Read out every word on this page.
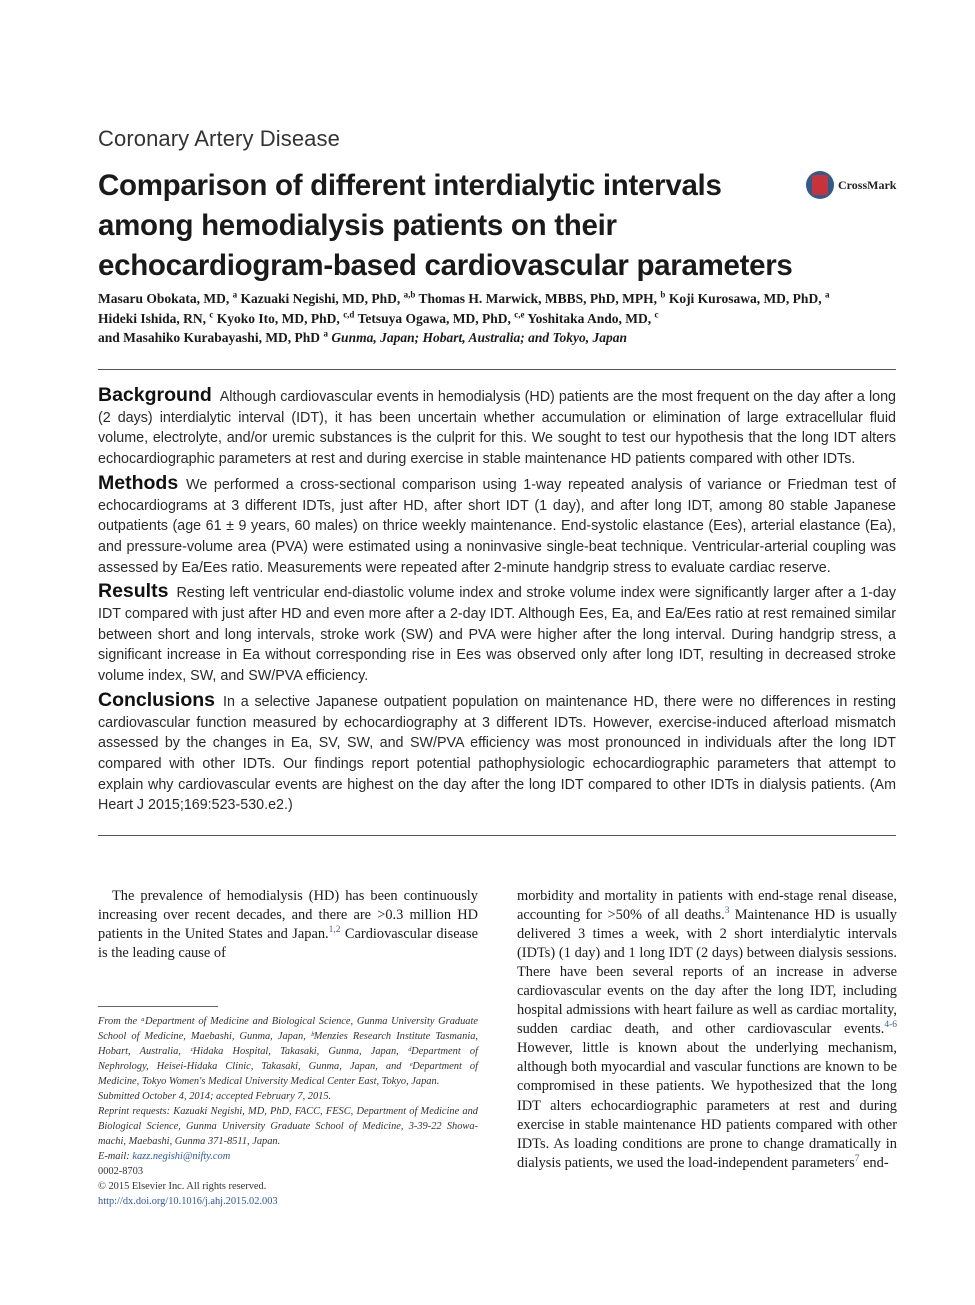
Coronary Artery Disease
Comparison of different interdialytic intervals among hemodialysis patients on their echocardiogram-based cardiovascular parameters
CrossMark
Masaru Obokata, MD, $^a$ Kazuaki Negishi, MD, PhD, $^{a,b}$ Thomas H. Marwick, MBBS, PhD, MPH, $^b$ Koji Kurosawa, MD, PhD, $^a$
Hideki Ishida, RN, $^c$ Kyoko Ito, MD, PhD, $^{c,d}$ Tetsuya Ogawa, MD, PhD, $^{c,e}$ Yoshitaka Ando, MD, $^c$
and Masahiko Kurabayashi, MD, PhD $^a$ Gunma, Japan; Hobart, Australia; and Tokyo, Japan

Background Although cardiovascular events in hemodialysis (HD) patients are the most frequent on the day after a long (2 days) interdialytic interval (IDT), it has been uncertain whether accumulation or elimination of large extracellular fluid volume, electrolyte, and/or uremic substances is the culprit for this. We sought to test our hypothesis that the long IDT alters echocardiographic parameters at rest and during exercise in stable maintenance HD patients compared with other IDTs.

Methods We performed a cross-sectional comparison using 1-way repeated analysis of variance or Friedman test of echocardiograms at 3 different IDTs, just after HD, after short IDT (1 day), and after long IDT, among 80 stable Japanese outpatients (age 61 ± 9 years, 60 males) on thrice weekly maintenance. End-systolic elastance (Ees), arterial elastance (Ea), and pressure-volume area (PVA) were estimated using a noninvasive single-beat technique. Ventricular-arterial coupling was assessed by Ea/Ees ratio. Measurements were repeated after 2-minute handgrip stress to evaluate cardiac reserve.

Results Resting left ventricular end-diastolic volume index and stroke volume index were significantly larger after a 1-day IDT compared with just after HD and even more after a 2-day IDT. Although Ees, Ea, and Ea/Ees ratio at rest remained similar between short and long intervals, stroke work (SW) and PVA were higher after the long interval. During handgrip stress, a significant increase in Ea without corresponding rise in Ees was observed only after long IDT, resulting in decreased stroke volume index, SW, and SW/PVA efficiency.

Conclusions In a selective Japanese outpatient population on maintenance HD, there were no differences in resting cardiovascular function measured by echocardiography at 3 different IDTs. However, exercise-induced afterload mismatch assessed by the changes in Ea, SV, SW, and SW/PVA efficiency was most pronounced in individuals after the long IDT compared with other IDTs. Our findings report potential pathophysiologic echocardiographic parameters that attempt to explain why cardiovascular events are highest on the day after the long IDT compared to other IDTs in dialysis patients. (Am Heart J 2015;169:523-530.e2.)

The prevalence of hemodialysis (HD) has been continuously increasing over recent decades, and there are >0.3 million HD patients in the United States and Japan.$^{1,2}$ Cardiovascular disease is the leading cause of

morbidity and mortality in patients with end-stage renal disease, accounting for >50% of all deaths.$^3$ Maintenance HD is usually delivered 3 times a week, with 2 short interdialytic intervals (IDTs) (1 day) and 1 long IDT (2 days) between dialysis sessions. There have been several reports of an increase in adverse cardiovascular events on the day after the long IDT, including hospital admissions with heart failure as well as cardiac mortality, sudden cardiac death, and other cardiovascular events.$^{4-6}$ However, little is known about the underlying mechanism, although both myocardial and vascular functions are known to be compromised in these patients. We hypothesized that the long IDT alters echocardiographic parameters at rest and during exercise in stable maintenance HD patients compared with other IDTs. As loading conditions are prone to change dramatically in dialysis patients, we used the load-independent parameters$^7$ end-

From the ᵃDepartment of Medicine and Biological Science, Gunma University Graduate School of Medicine, Maebashi, Gunma, Japan, ᵇMenzies Research Institute Tasmania, Hobart, Australia, ᶜHidaka Hospital, Takasaki, Gunma, Japan, ᵈDepartment of Nephrology, Heisei-Hidaka Clinic, Takasaki, Gunma, Japan, and ᵉDepartment of Medicine, Tokyo Women's Medical University Medical Center East, Tokyo, Japan.
Submitted October 4, 2014; accepted February 7, 2015.
Reprint requests: Kazuaki Negishi, MD, PhD, FACC, FESC, Department of Medicine and Biological Science, Gunma University Graduate School of Medicine, 3-39-22 Showa-machi, Maebashi, Gunma 371-8511, Japan.
E-mail: kazz.negishi@nifty.com
0002-8703
© 2015 Elsevier Inc. All rights reserved.
http://dx.doi.org/10.1016/j.ahj.2015.02.003
